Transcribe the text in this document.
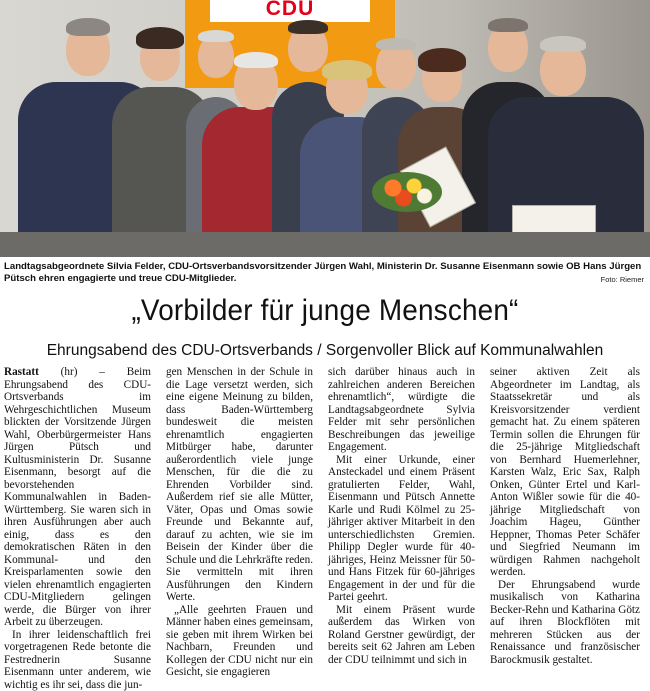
CDU
Landtagsabgeordnete Silvia Felder, CDU-Ortsverbandsvorsitzender Jürgen Wahl, Ministerin Dr. Susanne Eisenmann sowie OB Hans Jürgen Pütsch ehren engagierte und treue CDU-Mitglieder.	Foto: Riemer
„Vorbilder für junge Menschen“
Ehrungsabend des CDU-Ortsverbands / Sorgenvoller Blick auf Kommunalwahlen

Rastatt (hr) – Beim Ehrungsabend des CDU-Ortsverbands im Wehrgeschichtlichen Museum blickten der Vorsitzende Jürgen Wahl, Oberbürgermeister Hans Jürgen Pütsch und Kultusministerin Dr. Susanne Eisenmann, besorgt auf die bevorstehenden Kommunalwahlen in Baden-Württemberg. Sie waren sich in ihren Ausführungen aber auch einig, dass es den demokratischen Räten in den Kommunal- und den Kreisparlamenten sowie den vielen ehrenamtlich engagierten CDU-Mitgliedern gelingen werde, die Bürger von ihrer Arbeit zu überzeugen.

In ihrer leidenschaftlich frei vorgetragenen Rede betonte die Festrednerin Susanne Eisenmann unter anderem, wie wichtig es ihr sei, dass die jun-

gen Menschen in der Schule in die Lage versetzt werden, sich eine eigene Meinung zu bilden, dass Baden-Württemberg bundesweit die meisten ehrenamtlich engagierten Mitbürger habe, darunter außerordentlich viele junge Menschen, für die die zu Ehrenden Vorbilder sind. Außerdem rief sie alle Mütter, Väter, Opas und Omas sowie Freunde und Bekannte auf, darauf zu achten, wie sie im Beisein der Kinder über die Schule und die Lehrkräfte reden. Sie vermitteln mit ihren Ausführungen den Kindern Werte.

„Alle geehrten Frauen und Männer haben eines gemeinsam, sie geben mit ihrem Wirken bei Nachbarn, Freunden und Kollegen der CDU nicht nur ein Gesicht, sie engagieren

sich darüber hinaus auch in zahlreichen anderen Bereichen ehrenamtlich“, würdigte die Landtagsabgeordnete Sylvia Felder mit sehr persönlichen Beschreibungen das jeweilige Engagement.

Mit einer Urkunde, einer Ansteckadel und einem Präsent gratulierten Felder, Wahl, Eisenmann und Pütsch Annette Karle und Rudi Kölmel zu 25-jähriger aktiver Mitarbeit in den unterschiedlichsten Gremien. Philipp Degler wurde für 40-jähriges, Heinz Meissner für 50- und Hans Fitzek für 60-jähriges Engagement in der und für die Partei geehrt.

Mit einem Präsent wurde außerdem das Wirken von Roland Gerstner gewürdigt, der bereits seit 62 Jahren am Leben der CDU teilnimmt und sich in

seiner aktiven Zeit als Abgeordneter im Landtag, als Staatssekretär und als Kreisvorsitzender verdient gemacht hat. Zu einem späteren Termin sollen die Ehrungen für die 25-jährige Mitgliedschaft von Bernhard Huemerlehner, Karsten Walz, Eric Sax, Ralph Onken, Günter Ertel und Karl-Anton Wißler sowie für die 40-jährige Mitgliedschaft von Joachim Hageu, Günther Heppner, Thomas Peter Schäfer und Siegfried Neumann im würdigen Rahmen nachgeholt werden.

Der Ehrungsabend wurde musikalisch von Katharina Becker-Rehn und Katharina Götz auf ihren Blockflöten mit mehreren Stücken aus der Renaissance und französischer Barockmusik gestaltet.
